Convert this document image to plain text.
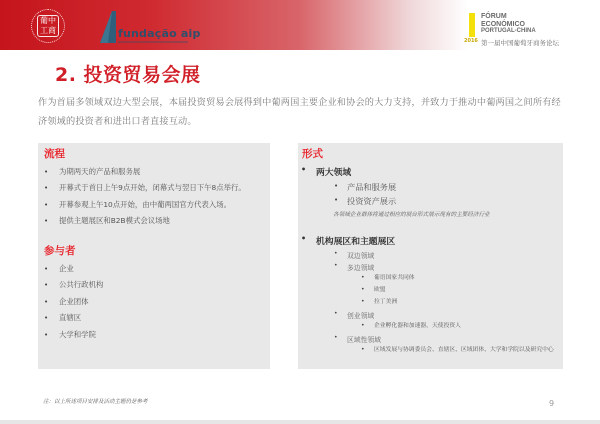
葡 中
工 商	fundação aip
2016
FÓRUM
ECONÓMICO
PORTUGAL-CHINA
第一届中国葡萄牙商务论坛
2. 投资贸易会展
作为首届多领域双边大型会展，本届投资贸易会展得到中葡两国主要企业和协会的大力支持，并致力于推动中葡两国之间所有经济领域的投资者和进出口者直接互动。
流程
• 为期两天的产品和服务展
• 开幕式于首日上午9点开始，闭幕式与翌日下午8点举行。
• 开幕参观上午10点开始，由中葡两国官方代表入场。
• 提供主题展区和B2B模式会议场地
参与者
• 企业
• 公共行政机构
• 企业团体
• 直辖区
• 大学和学院
形式
• 两大领域
• 产品和服务展
• 投资资产展示
各领域企业群体将通过相应的展台形式展示现有的主要经济行业
• 机构展区和主题展区
• 双边领域
• 多边领域
• 葡语国家共同体
• 欧盟
• 拉丁美洲
• 创业领域
• 企业孵化器和加速器，天使投资人
• 区域性领域
• 区域发展与协调委员会、直辖区、区域团体、大学和学院以及研究中心
注：以上所述项目安排及活动主题仍是参考	9
